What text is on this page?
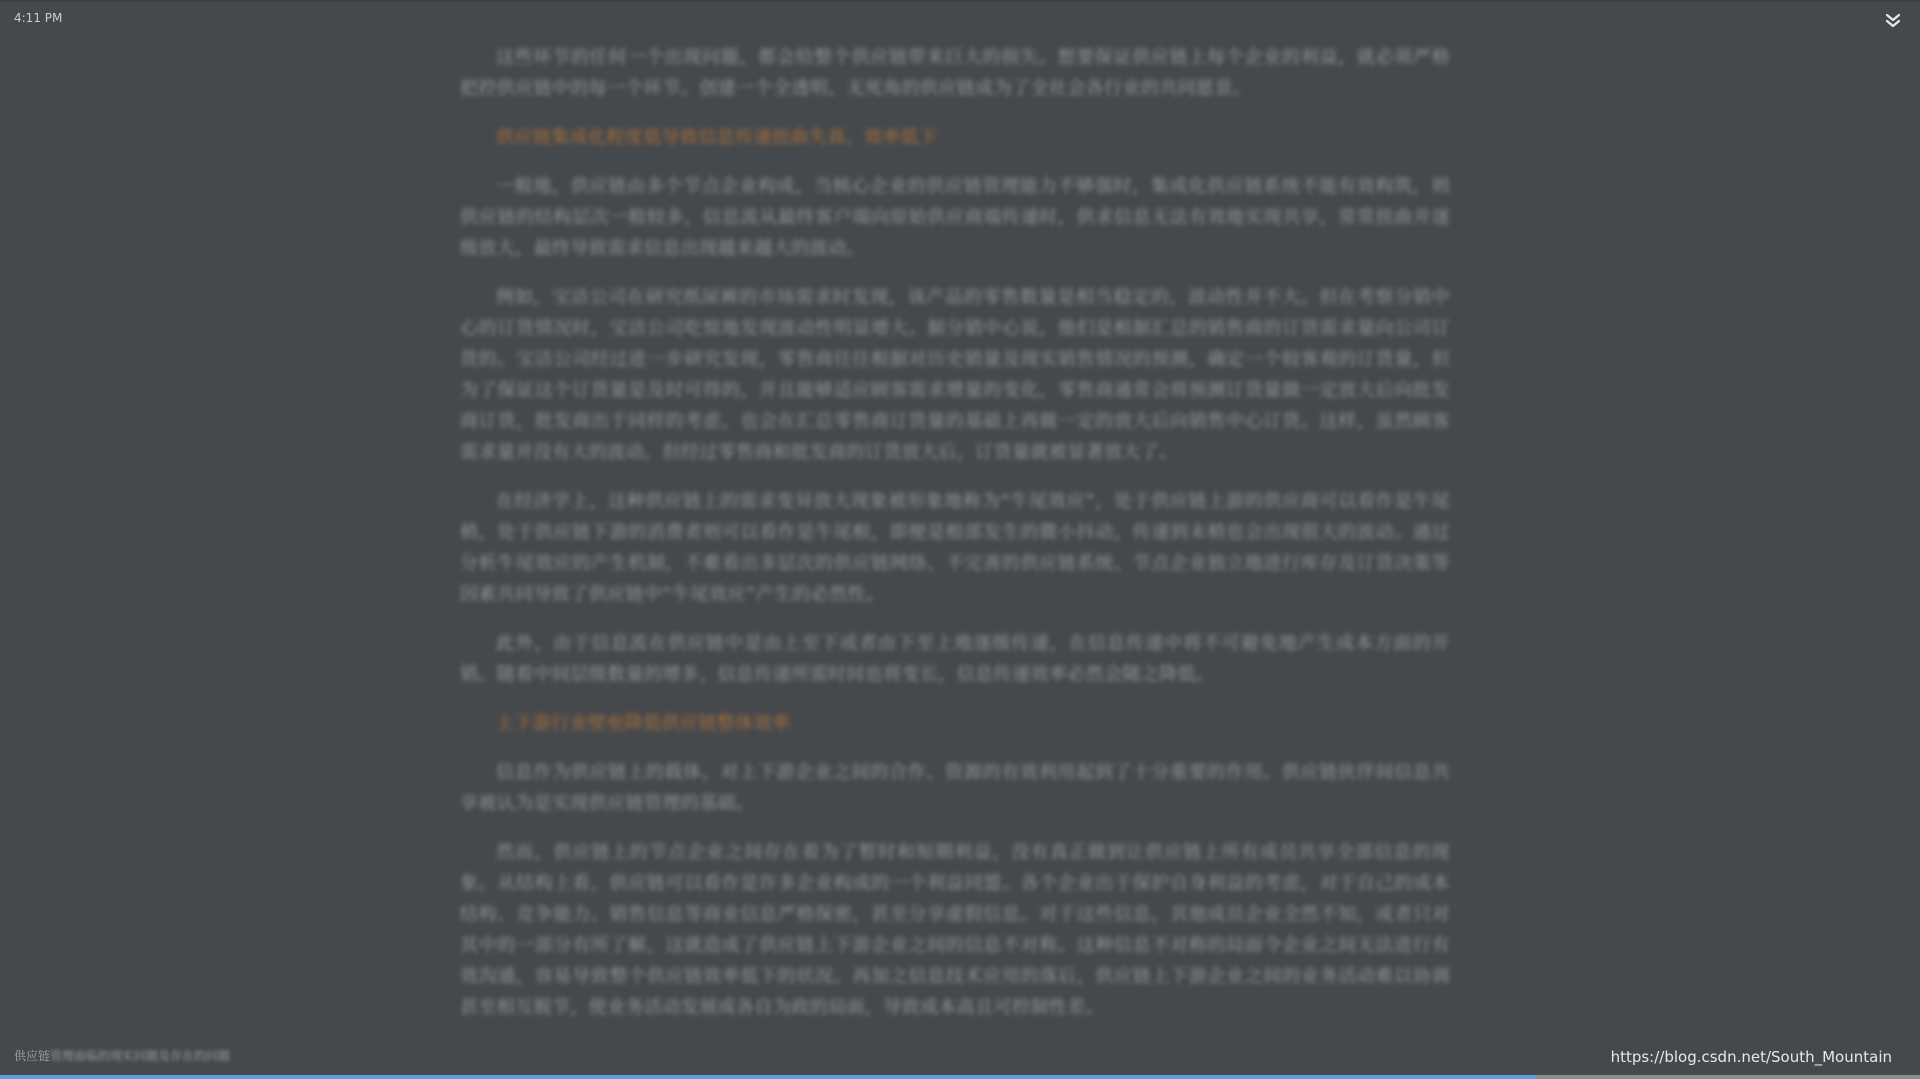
4:11 PM

这些环节的任何一个出现问题，都会给整个供应链带来巨大的损失。想要保证供应链上每个企业的利益，就必须严格把控供应链中的每一个环节。创建一个全透明、无死角的供应链成为了全社会各行业的共同愿景。

供应链集成化程度低导致信息传递扭曲失真、效率低下

一般地，供应链由多个节点企业构成，当核心企业的供应链管理能力不够强时，集成化供应链系统不能有效构筑，则供应链的结构层次一般较多，信息流从最终客户端向原始供应商端传递时，供求信息无法有效地实现共享，常常扭曲并逐级放大，最终导致需求信息出现越来越大的波动。

例如，宝洁公司在研究纸尿裤的市场需求时发现，该产品的零售数量是相当稳定的，波动性并不大。但在考察分销中心的订货情况时，宝洁公司吃惊地发现波动性明显增大。据分销中心说，他们是根据汇总的销售商的订货需求量向公司订货的。宝洁公司经过进一步研究发现，零售商往往根据对历史销量及现实销售情况的预测，确定一个较客观的订货量，但为了保证这个订货量是及时可得的，并且能够适应顾客需求增量的变化，零售商通常会将预测订货量做一定放大后向批发商订货，批发商出于同样的考虑，也会在汇总零售商订货量的基础上再做一定的放大后向销售中心订货。这样，虽然顾客需求量并没有大的波动，但经过零售商和批发商的订货放大后，订货量就被显著放大了。

在经济学上，这种供应链上的需求变异放大现象被形象地称为“牛尾效应”，处于供应链上游的供应商可以看作是牛尾梢，处于供应链下游的消费者则可以看作是牛尾根，即便是根部发生的微小抖动，传递到末梢也会出现很大的波动。通过分析牛尾效应的产生机制，不难看出多层次的供应链网络、不完善的供应链系统、节点企业独立地进行库存及订货决策等因素共同导致了供应链中“牛尾效应”产生的必然性。

此外，由于信息流在供应链中是由上至下或者由下至上地逐级传递，在信息传递中将不可避免地产生成本方面的开销。随着中间层级数量的增多，信息传递所需时间也将变长，信息传递效率必然会随之降低。

上下游行业壁垒降低供应链整体效率

信息作为供应链上的载体，对上下游企业之间的合作、资源的有效利用起到了十分重要的作用。供应链伙伴间信息共享被认为是实现供应链管理的基础。

然而，供应链上的节点企业之间存在着为了暂时和短期利益，没有真正做到让供应链上所有成员共享全部信息的现象。从结构上看，供应链可以看作是许多企业构成的一个利益同盟。各个企业出于保护自身利益的考虑，对于自己的成本结构、竞争能力、销售信息等商业信息严格保密，甚至分享虚假信息。对于这些信息，其他成员企业全然不知，或者只对其中的一部分有所了解，这就造成了供应链上下游企业之间的信息不对称。这种信息不对称的局面令企业之间无法进行有效沟通，容易导致整个供应链效率低下的状况。再加之信息技术应用的落后，供应链上下游企业之间的业务活动难以协调甚至相互脱节，使业务活动发展成各自为政的局面，导致成本高且可控制性差。

供应链管理面临的现实问题及存在的问题	https://blog.csdn.net/South_Mountain
